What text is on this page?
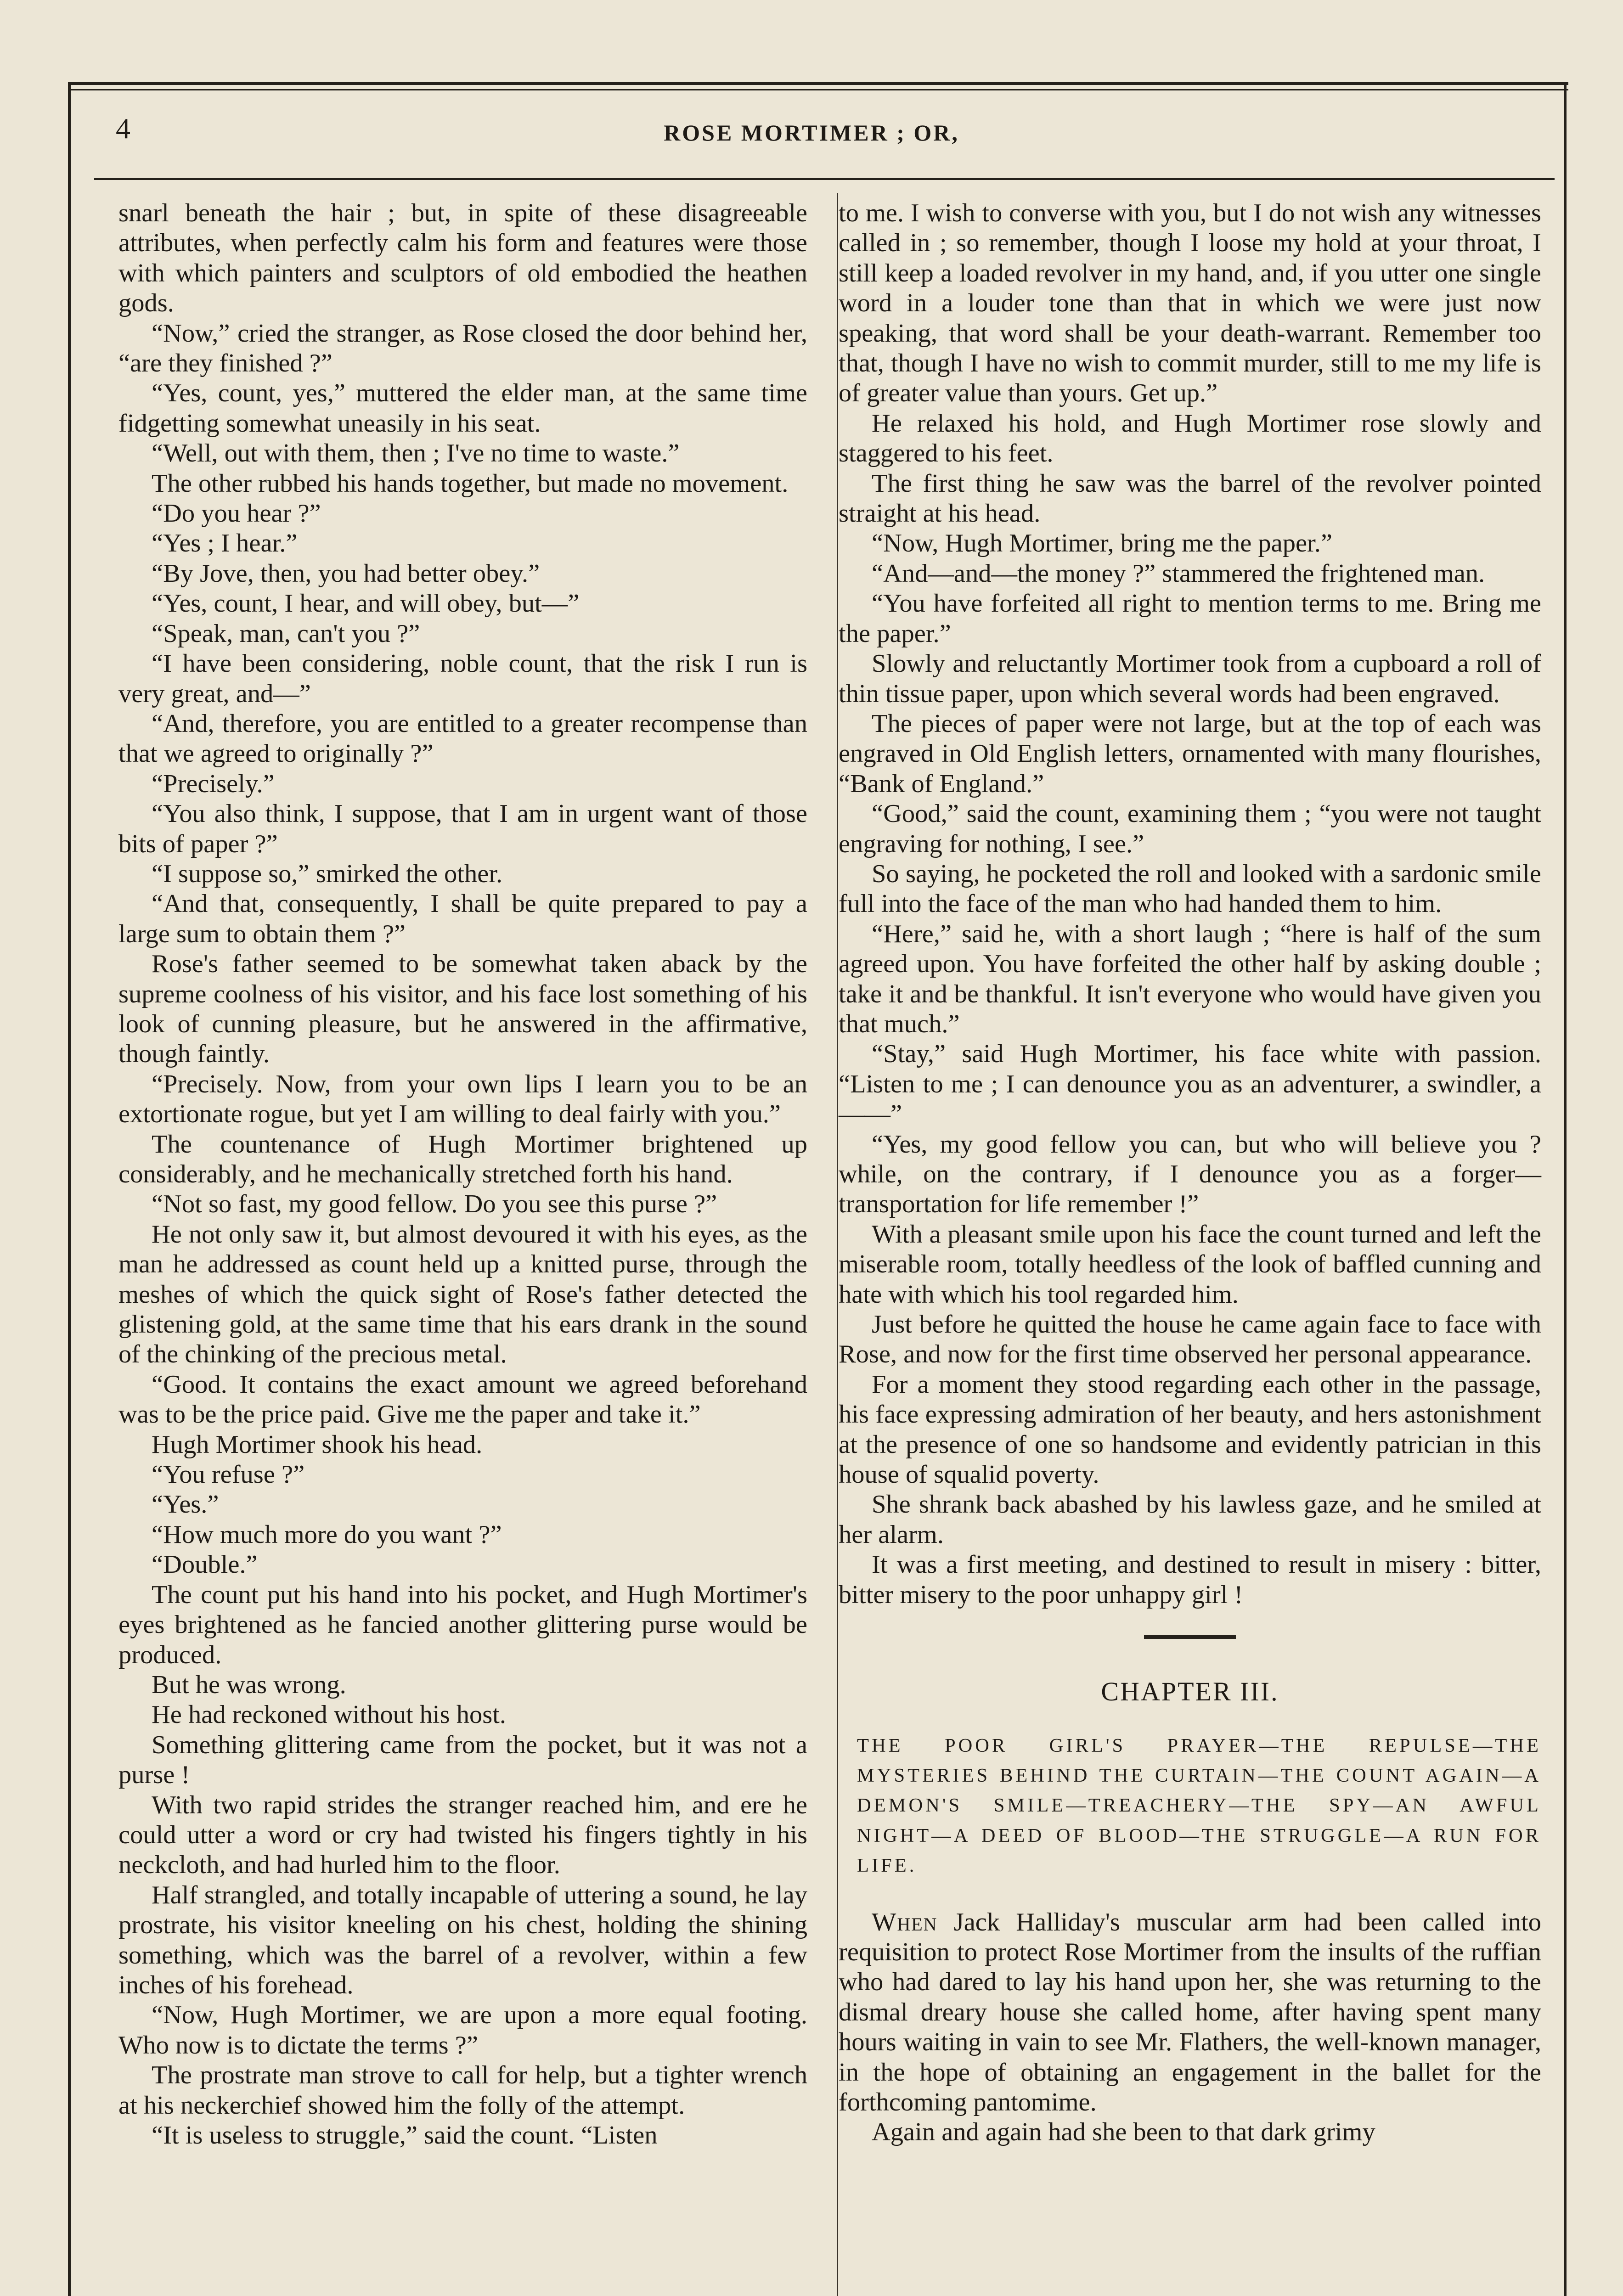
4	ROSE MORTIMER ; OR,

snarl beneath the hair ; but, in spite of these disagreeable attributes, when perfectly calm his form and features were those with which painters and sculptors of old embodied the heathen gods.

“Now,” cried the stranger, as Rose closed the door behind her, “are they finished ?”

“Yes, count, yes,” muttered the elder man, at the same time fidgetting somewhat uneasily in his seat.

“Well, out with them, then ; I've no time to waste.”

The other rubbed his hands together, but made no movement.

“Do you hear ?”

“Yes ; I hear.”

“By Jove, then, you had better obey.”

“Yes, count, I hear, and will obey, but—”

“Speak, man, can't you ?”

“I have been considering, noble count, that the risk I run is very great, and—”

“And, therefore, you are entitled to a greater recompense than that we agreed to originally ?”

“Precisely.”

“You also think, I suppose, that I am in urgent want of those bits of paper ?”

“I suppose so,” smirked the other.

“And that, consequently, I shall be quite prepared to pay a large sum to obtain them ?”

Rose's father seemed to be somewhat taken aback by the supreme coolness of his visitor, and his face lost something of his look of cunning pleasure, but he answered in the affirmative, though faintly.

“Precisely. Now, from your own lips I learn you to be an extortionate rogue, but yet I am willing to deal fairly with you.”

The countenance of Hugh Mortimer brightened up considerably, and he mechanically stretched forth his hand.

“Not so fast, my good fellow. Do you see this purse ?”

He not only saw it, but almost devoured it with his eyes, as the man he addressed as count held up a knitted purse, through the meshes of which the quick sight of Rose's father detected the glistening gold, at the same time that his ears drank in the sound of the chinking of the precious metal.

“Good. It contains the exact amount we agreed beforehand was to be the price paid. Give me the paper and take it.”

Hugh Mortimer shook his head.

“You refuse ?”

“Yes.”

“How much more do you want ?”

“Double.”

The count put his hand into his pocket, and Hugh Mortimer's eyes brightened as he fancied another glittering purse would be produced.

But he was wrong.

He had reckoned without his host.

Something glittering came from the pocket, but it was not a purse !

With two rapid strides the stranger reached him, and ere he could utter a word or cry had twisted his fingers tightly in his neckcloth, and had hurled him to the floor.

Half strangled, and totally incapable of uttering a sound, he lay prostrate, his visitor kneeling on his chest, holding the shining something, which was the barrel of a revolver, within a few inches of his forehead.

“Now, Hugh Mortimer, we are upon a more equal footing. Who now is to dictate the terms ?”

The prostrate man strove to call for help, but a tighter wrench at his neckerchief showed him the folly of the attempt.

“It is useless to struggle,” said the count. “Listen

to me. I wish to converse with you, but I do not wish any witnesses called in ; so remember, though I loose my hold at your throat, I still keep a loaded revolver in my hand, and, if you utter one single word in a louder tone than that in which we were just now speaking, that word shall be your death-warrant. Remember too that, though I have no wish to commit murder, still to me my life is of greater value than yours. Get up.”

He relaxed his hold, and Hugh Mortimer rose slowly and staggered to his feet.

The first thing he saw was the barrel of the revolver pointed straight at his head.

“Now, Hugh Mortimer, bring me the paper.”

“And—and—the money ?” stammered the frightened man.

“You have forfeited all right to mention terms to me. Bring me the paper.”

Slowly and reluctantly Mortimer took from a cupboard a roll of thin tissue paper, upon which several words had been engraved.

The pieces of paper were not large, but at the top of each was engraved in Old English letters, ornamented with many flourishes, “Bank of England.”

“Good,” said the count, examining them ; “you were not taught engraving for nothing, I see.”

So saying, he pocketed the roll and looked with a sardonic smile full into the face of the man who had handed them to him.

“Here,” said he, with a short laugh ; “here is half of the sum agreed upon. You have forfeited the other half by asking double ; take it and be thankful. It isn't everyone who would have given you that much.”

“Stay,” said Hugh Mortimer, his face white with passion. “Listen to me ; I can denounce you as an adventurer, a swindler, a——”

“Yes, my good fellow you can, but who will believe you ? while, on the contrary, if I denounce you as a forger—transportation for life remember !”

With a pleasant smile upon his face the count turned and left the miserable room, totally heedless of the look of baffled cunning and hate with which his tool regarded him.

Just before he quitted the house he came again face to face with Rose, and now for the first time observed her personal appearance.

For a moment they stood regarding each other in the passage, his face expressing admiration of her beauty, and hers astonishment at the presence of one so handsome and evidently patrician in this house of squalid poverty.

She shrank back abashed by his lawless gaze, and he smiled at her alarm.

It was a first meeting, and destined to result in misery : bitter, bitter misery to the poor unhappy girl !

CHAPTER III.
THE POOR GIRL'S PRAYER—THE REPULSE—THE MYSTERIES BEHIND THE CURTAIN—THE COUNT AGAIN—A DEMON'S SMILE—TREACHERY—THE SPY—AN AWFUL NIGHT—A DEED OF BLOOD—THE STRUGGLE—A RUN FOR LIFE.

When Jack Halliday's muscular arm had been called into requisition to protect Rose Mortimer from the insults of the ruffian who had dared to lay his hand upon her, she was returning to the dismal dreary house she called home, after having spent many hours waiting in vain to see Mr. Flathers, the well-known manager, in the hope of obtaining an engagement in the ballet for the forthcoming pantomime.

Again and again had she been to that dark grimy
